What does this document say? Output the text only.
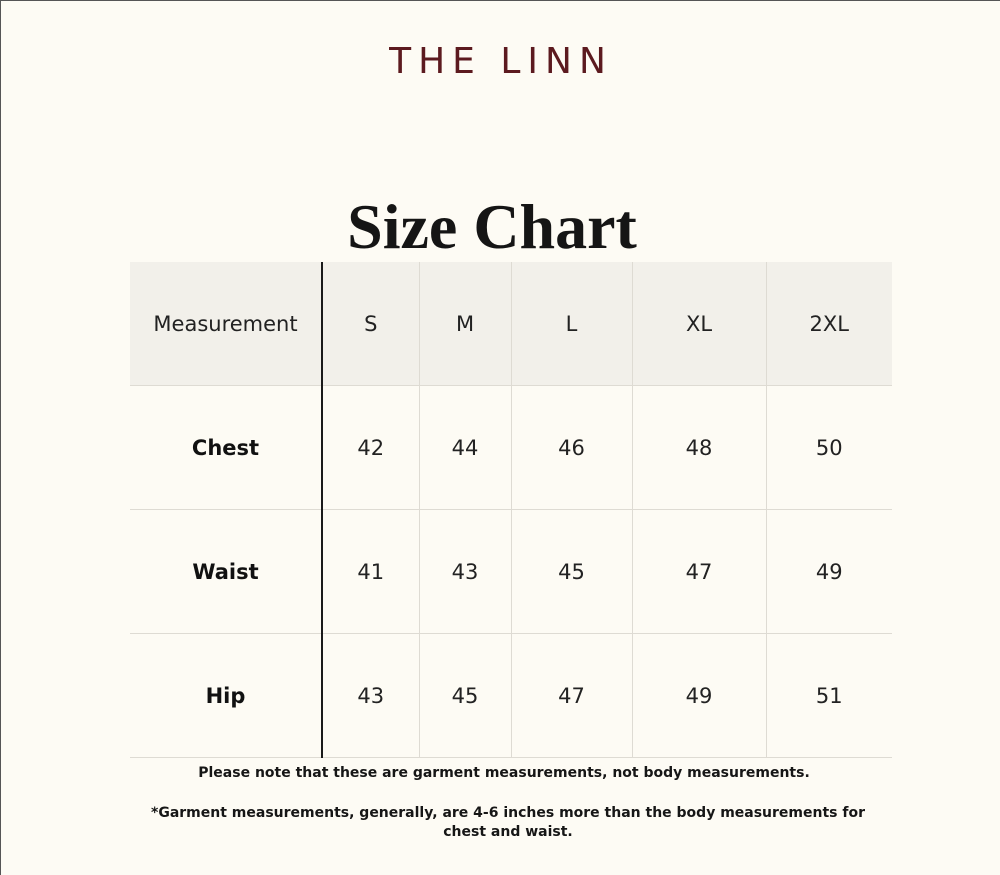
THE LINN
Size Chart
Measurement	S	M	L	XL	2XL
Chest	42	44	46	48	50
Waist	41	43	45	47	49
Hip	43	45	47	49	51
Please note that these are garment measurements, not body measurements.
*Garment measurements, generally, are 4-6 inches more than the body measurements for chest and waist.
